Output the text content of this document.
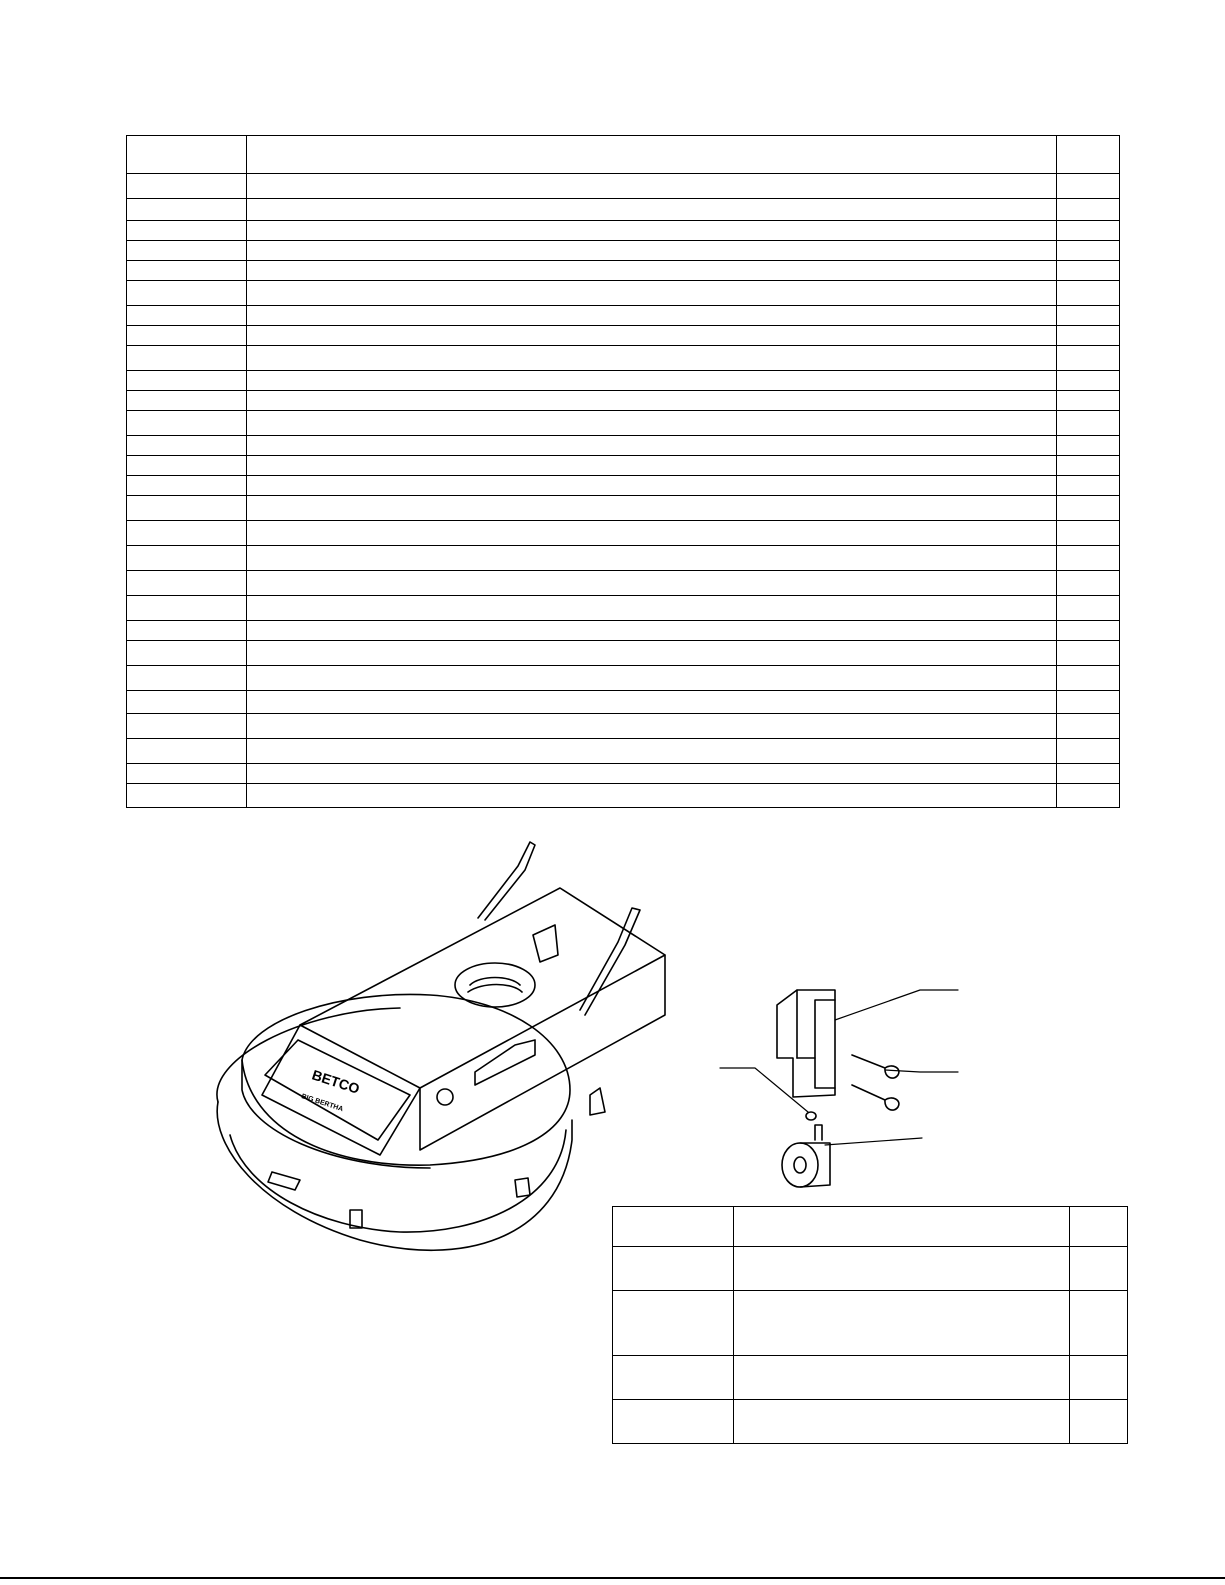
BETCO
BIG BERTHA
